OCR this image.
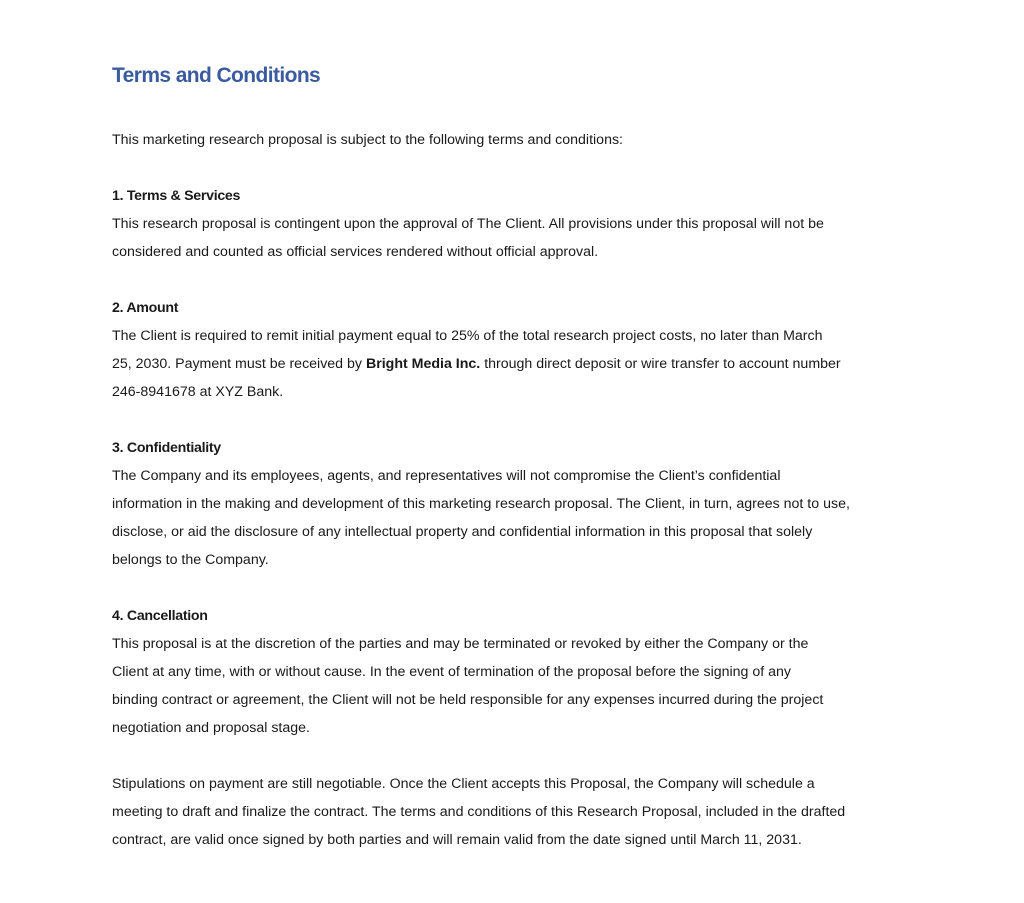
Terms and Conditions
This marketing research proposal is subject to the following terms and conditions:
1. Terms & Services
This research proposal is contingent upon the approval of The Client. All provisions under this proposal will not be
considered and counted as official services rendered without official approval.
2. Amount
The Client is required to remit initial payment equal to 25% of the total research project costs, no later than March
25, 2030. Payment must be received by Bright Media Inc. through direct deposit or wire transfer to account number
246-8941678 at XYZ Bank.
3. Confidentiality
The Company and its employees, agents, and representatives will not compromise the Client’s confidential
information in the making and development of this marketing research proposal. The Client, in turn, agrees not to use,
disclose, or aid the disclosure of any intellectual property and confidential information in this proposal that solely
belongs to the Company.
4. Cancellation
This proposal is at the discretion of the parties and may be terminated or revoked by either the Company or the
Client at any time, with or without cause. In the event of termination of the proposal before the signing of any
binding contract or agreement, the Client will not be held responsible for any expenses incurred during the project
negotiation and proposal stage.
Stipulations on payment are still negotiable. Once the Client accepts this Proposal, the Company will schedule a
meeting to draft and finalize the contract. The terms and conditions of this Research Proposal, included in the drafted
contract, are valid once signed by both parties and will remain valid from the date signed until March 11, 2031.
